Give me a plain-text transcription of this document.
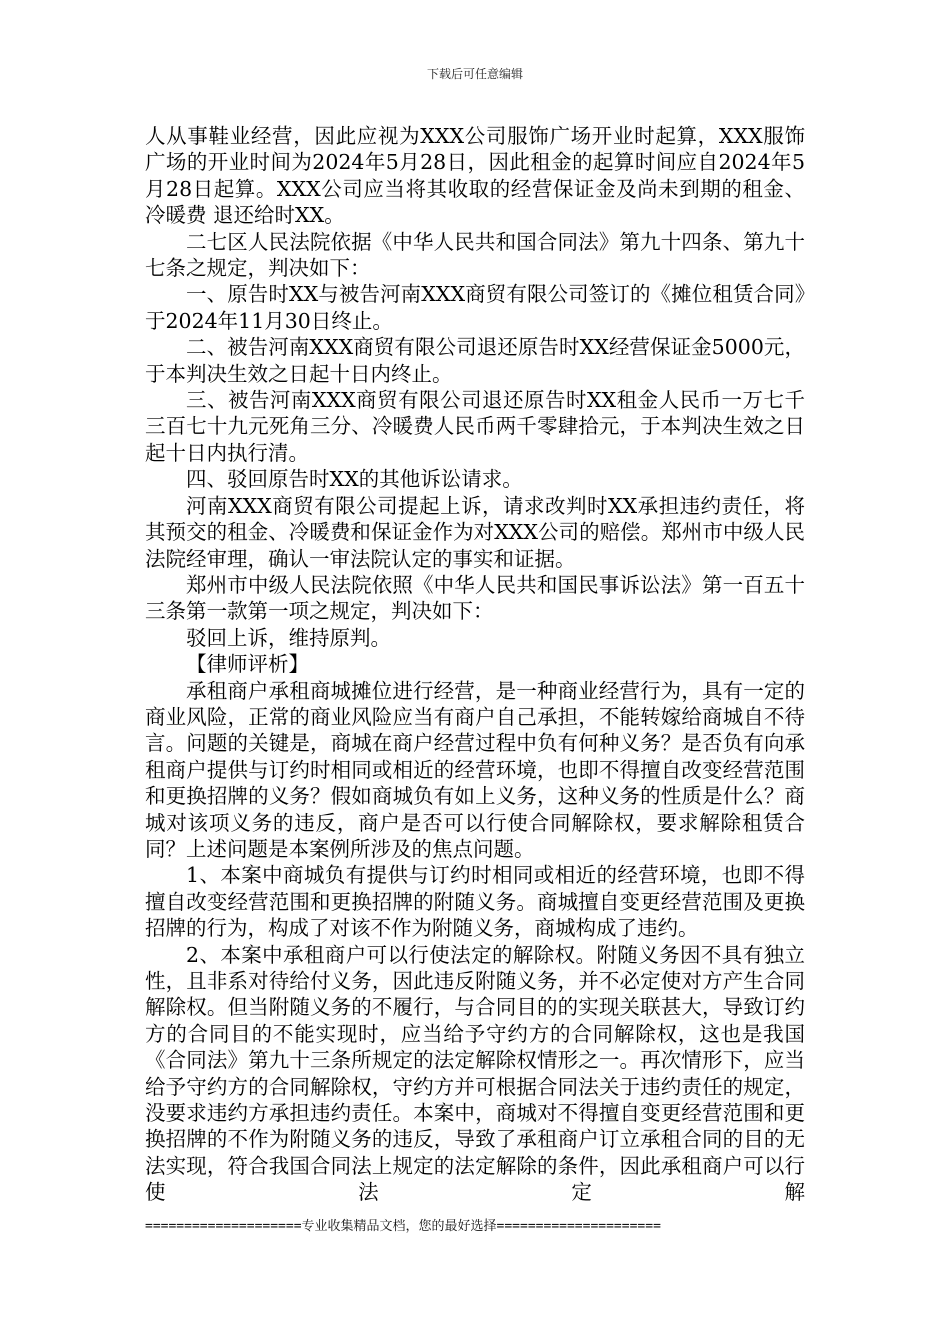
下载后可任意编辑

人从事鞋业经营，因此应视为XXX公司服饰广场开业时起算，XXX服饰广场的开业时间为2024年5月28日，因此租金的起算时间应自2024年5月28日起算。XXX公司应当将其收取的经营保证金及尚未到期的租金、冷暖费 退还给时XX。

二七区人民法院依据《中华人民共和国合同法》第九十四条、第九十七条之规定，判决如下：

一、原告时XX与被告河南XXX商贸有限公司签订的《摊位租赁合同》于2024年11月30日终止。

二、被告河南XXX商贸有限公司退还原告时XX经营保证金5000元，于本判决生效之日起十日内终止。

三、被告河南XXX商贸有限公司退还原告时XX租金人民币一万七千三百七十九元死角三分、冷暖费人民币两千零肆拾元，于本判决生效之日起十日内执行清。

四、驳回原告时XX的其他诉讼请求。

河南XXX商贸有限公司提起上诉，请求改判时XX承担违约责任，将其预交的租金、冷暖费和保证金作为对XXX公司的赔偿。郑州市中级人民法院经审理，确认一审法院认定的事实和证据。

郑州市中级人民法院依照《中华人民共和国民事诉讼法》第一百五十三条第一款第一项之规定，判决如下：

驳回上诉，维持原判。

【律师评析】

承租商户承租商城摊位进行经营，是一种商业经营行为，具有一定的商业风险，正常的商业风险应当有商户自己承担，不能转嫁给商城自不待言。问题的关键是，商城在商户经营过程中负有何种义务？是否负有向承租商户提供与订约时相同或相近的经营环境，也即不得擅自改变经营范围和更换招牌的义务？假如商城负有如上义务，这种义务的性质是什么？商城对该项义务的违反，商户是否可以行使合同解除权，要求解除租赁合同？上述问题是本案例所涉及的焦点问题。

1、本案中商城负有提供与订约时相同或相近的经营环境，也即不得擅自改变经营范围和更换招牌的附随义务。商城擅自变更经营范围及更换招牌的行为，构成了对该不作为附随义务，商城构成了违约。

2、本案中承租商户可以行使法定的解除权。附随义务因不具有独立性，且非系对待给付义务，因此违反附随义务，并不必定使对方产生合同解除权。但当附随义务的不履行，与合同目的的实现关联甚大，导致订约方的合同目的不能实现时，应当给予守约方的合同解除权，这也是我国《合同法》第九十三条所规定的法定解除权情形之一。再次情形下，应当给予守约方的合同解除权，守约方并可根据合同法关于违约责任的规定，没要求违约方承担违约责任。本案中，商城对不得擅自变更经营范围和更换招牌的不作为附随义务的违反，导致了承租商户订立承租合同的目的无法实现，符合我国合同法上规定的法定解除的条件，因此承租商户可以行使法定解

====================专业收集精品文档，您的最好选择=====================
